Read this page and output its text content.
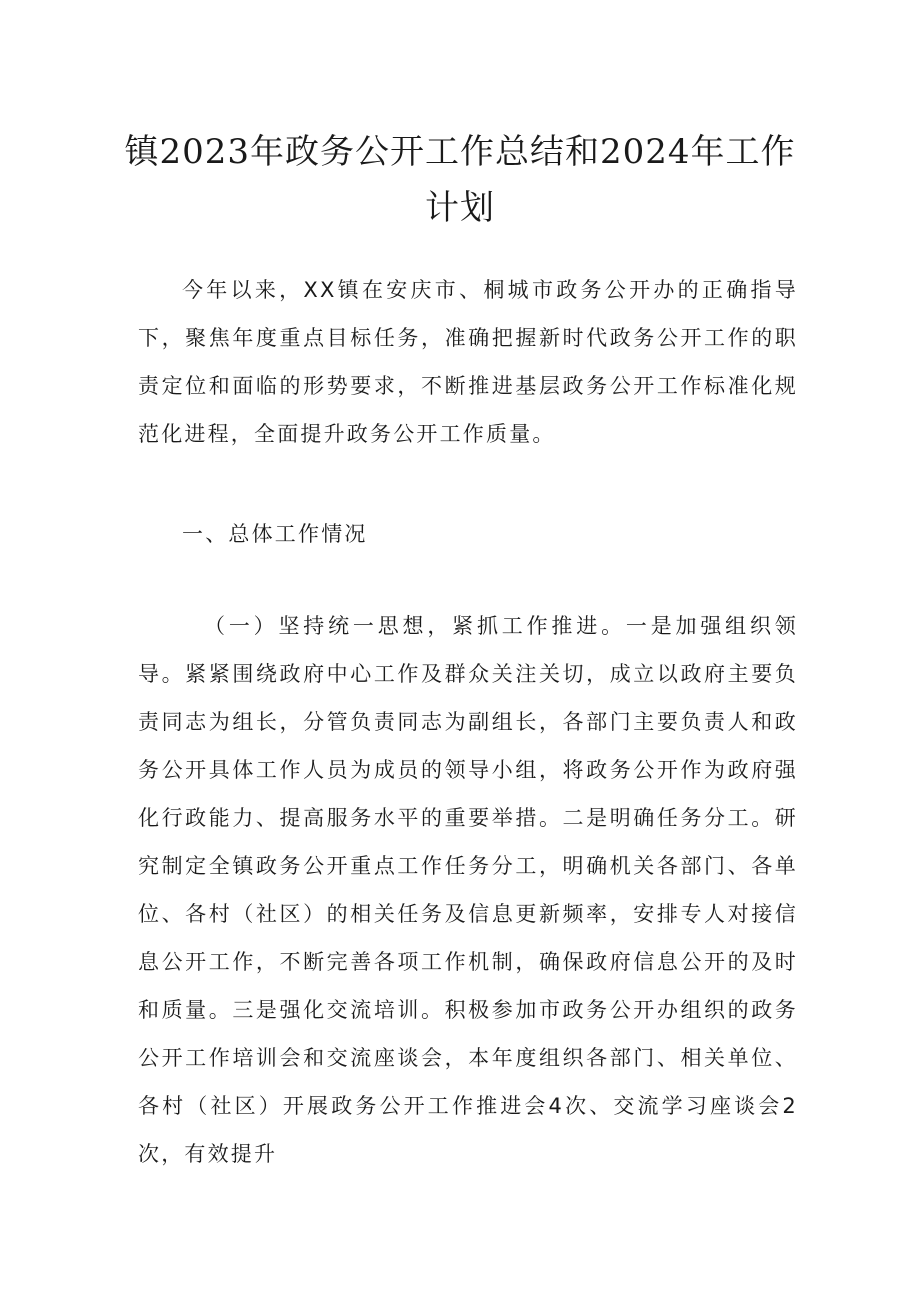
镇2023年政务公开工作总结和2024年工作
计划

今年以来，XX镇在安庆市、桐城市政务公开办的正确指导下，聚焦年度重点目标任务，准确把握新时代政务公开工作的职责定位和面临的形势要求，不断推进基层政务公开工作标准化规范化进程，全面提升政务公开工作质量。

一、总体工作情况

（一）坚持统一思想，紧抓工作推进。一是加强组织领导。紧紧围绕政府中心工作及群众关注关切，成立以政府主要负责同志为组长，分管负责同志为副组长，各部门主要负责人和政务公开具体工作人员为成员的领导小组，将政务公开作为政府强化行政能力、提高服务水平的重要举措。二是明确任务分工。研究制定全镇政务公开重点工作任务分工，明确机关各部门、各单位、各村（社区）的相关任务及信息更新频率，安排专人对接信息公开工作，不断完善各项工作机制，确保政府信息公开的及时和质量。三是强化交流培训。积极参加市政务公开办组织的政务公开工作培训会和交流座谈会，本年度组织各部门、相关单位、各村（社区）开展政务公开工作推进会4次、交流学习座谈会2次，有效提升
